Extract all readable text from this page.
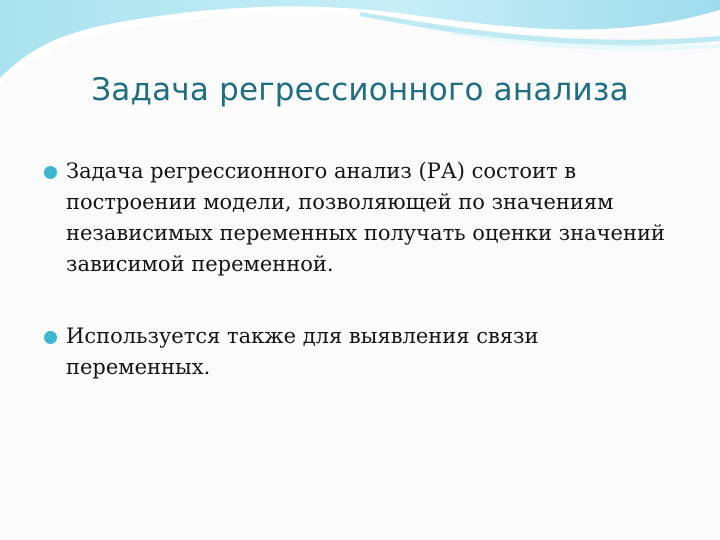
Задача регрессионного анализа
Задача регрессионного анализ (РА) состоит в построении модели, позволяющей по значениям независимых переменных получать оценки значений зависимой переменной.
Используется также для выявления связи переменных.
